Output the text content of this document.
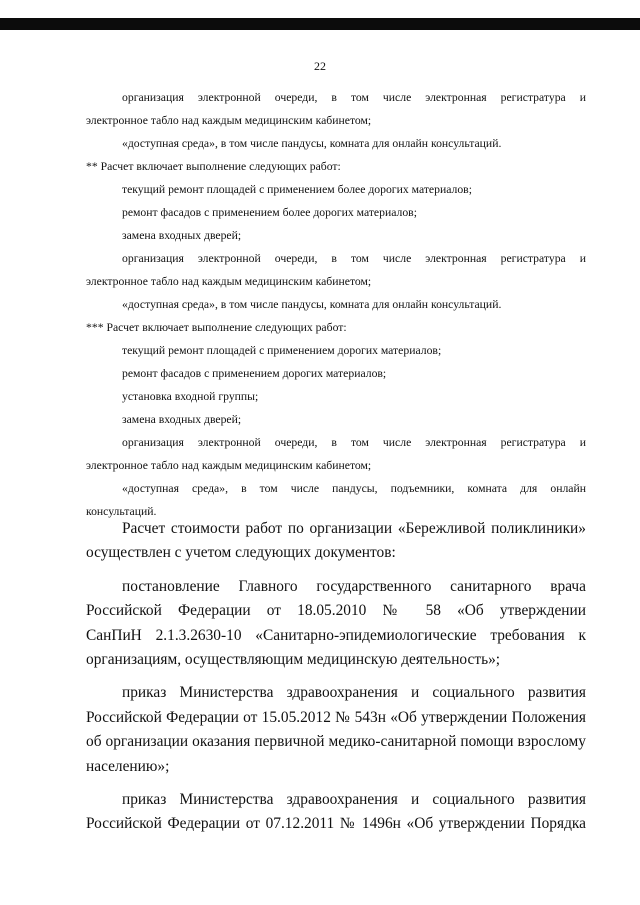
22
организация электронной очереди, в том числе электронная регистратура и
электронное табло над каждым медицинским кабинетом;
«доступная среда», в том числе пандусы, комната для онлайн консультаций.
** Расчет включает выполнение следующих работ:
текущий ремонт площадей с применением более дорогих материалов;
ремонт фасадов с применением более дорогих материалов;
замена входных дверей;
организация электронной очереди, в том числе электронная регистратура и
электронное табло над каждым медицинским кабинетом;
«доступная среда», в том числе пандусы, комната для онлайн консультаций.
*** Расчет включает выполнение следующих работ:
текущий ремонт площадей с применением дорогих материалов;
ремонт фасадов с применением дорогих материалов;
установка входной группы;
замена входных дверей;
организация электронной очереди, в том числе электронная регистратура и
электронное табло над каждым медицинским кабинетом;
«доступная среда», в том числе пандусы, подъемники, комната для онлайн
консультаций.
Расчет стоимости работ по организации «Бережливой поликлиники»
осуществлен с учетом следующих документов:
постановление Главного государственного санитарного врача
Российской Федерации от 18.05.2010 № 58 «Об утверждении
СанПиН 2.1.3.2630-10 «Санитарно-эпидемиологические требования к
организациям, осуществляющим медицинскую деятельность»;
приказ Министерства здравоохранения и социального развития
Российской Федерации от 15.05.2012 № 543н «Об утверждении Положения
об организации оказания первичной медико-санитарной помощи взрослому
населению»;
приказ Министерства здравоохранения и социального развития
Российской Федерации от 07.12.2011 № 1496н «Об утверждении Порядка
